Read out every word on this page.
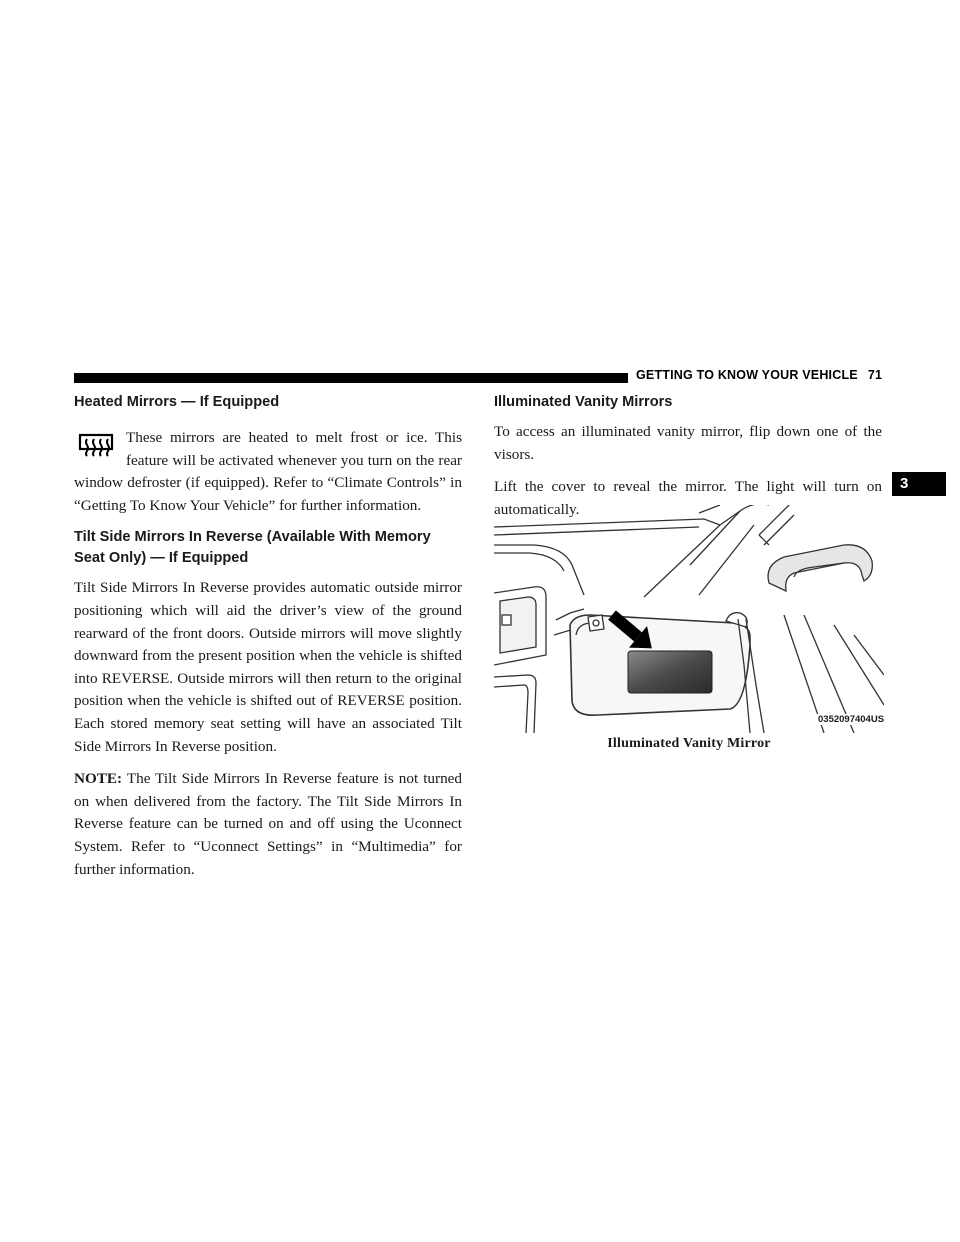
GETTING TO KNOW YOUR VEHICLE 71
3
Heated Mirrors — If Equipped
These mirrors are heated to melt frost or ice. This feature will be activated whenever you turn on the rear window defroster (if equipped). Refer to “Climate Controls” in “Getting To Know Your Vehicle” for further information.
Tilt Side Mirrors In Reverse (Available With Memory Seat Only) — If Equipped

Tilt Side Mirrors In Reverse provides automatic outside mirror positioning which will aid the driver’s view of the ground rearward of the front doors. Outside mirrors will move slightly downward from the present position when the vehicle is shifted into REVERSE. Outside mirrors will then return to the original position when the vehicle is shifted out of REVERSE position. Each stored memory seat setting will have an associated Tilt Side Mirrors In Reverse position.

NOTE: The Tilt Side Mirrors In Reverse feature is not turned on when delivered from the factory. The Tilt Side Mirrors In Reverse feature can be turned on and off using the Uconnect System. Refer to “Uconnect Settings” in “Multimedia” for further information.

Illuminated Vanity Mirrors

To access an illuminated vanity mirror, flip down one of the visors.

Lift the cover to reveal the mirror. The light will turn on automatically.

0352097404US
Illuminated Vanity Mirror
